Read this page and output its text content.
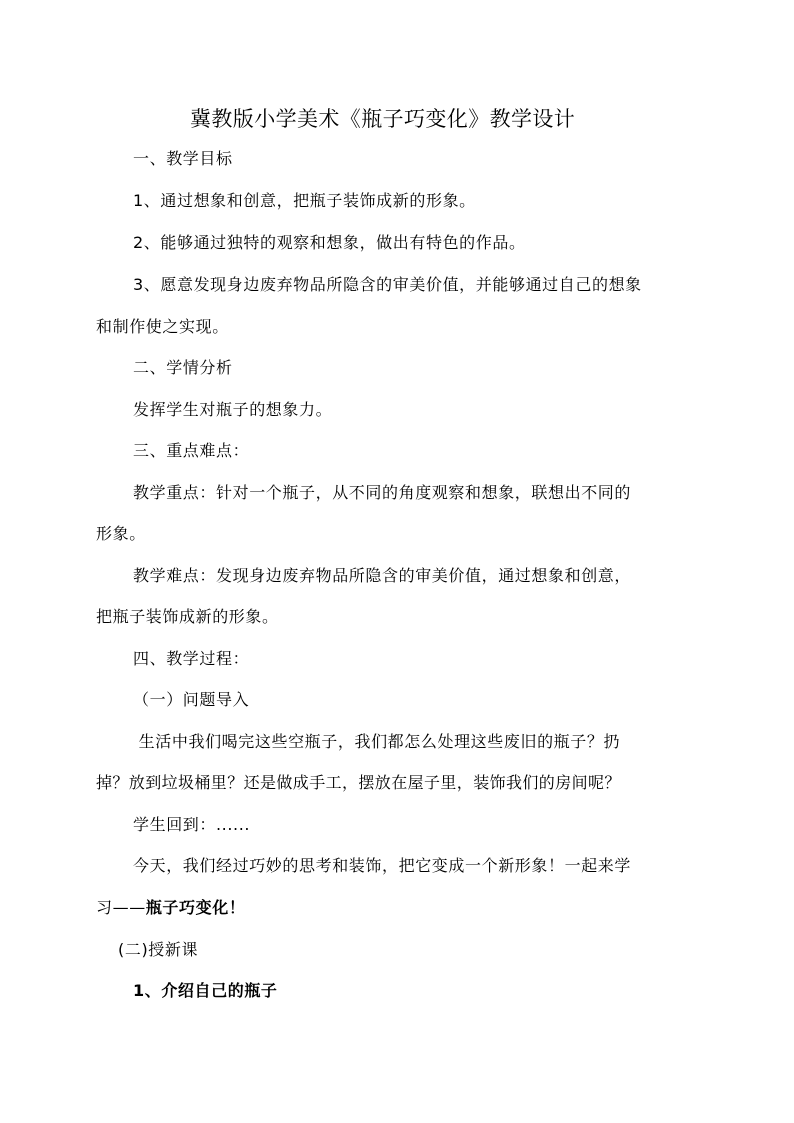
冀教版小学美术《瓶子巧变化》教学设计

一、教学目标

1、通过想象和创意，把瓶子装饰成新的形象。

2、能够通过独特的观察和想象，做出有特色的作品。

3、愿意发现身边废弃物品所隐含的审美价值，并能够通过自己的想象

和制作使之实现。

二、学情分析

发挥学生对瓶子的想象力。

三、重点难点：

教学重点：针对一个瓶子，从不同的角度观察和想象，联想出不同的

形象。

教学难点：发现身边废弃物品所隐含的审美价值，通过想象和创意，

把瓶子装饰成新的形象。

四、教学过程：

（一）问题导入

生活中我们喝完这些空瓶子，我们都怎么处理这些废旧的瓶子？扔

掉？放到垃圾桶里？还是做成手工，摆放在屋子里，装饰我们的房间呢？

学生回到：......

今天，我们经过巧妙的思考和装饰，把它变成一个新形象！一起来学

习——瓶子巧变化！

(二)授新课

1、介绍自己的瓶子
